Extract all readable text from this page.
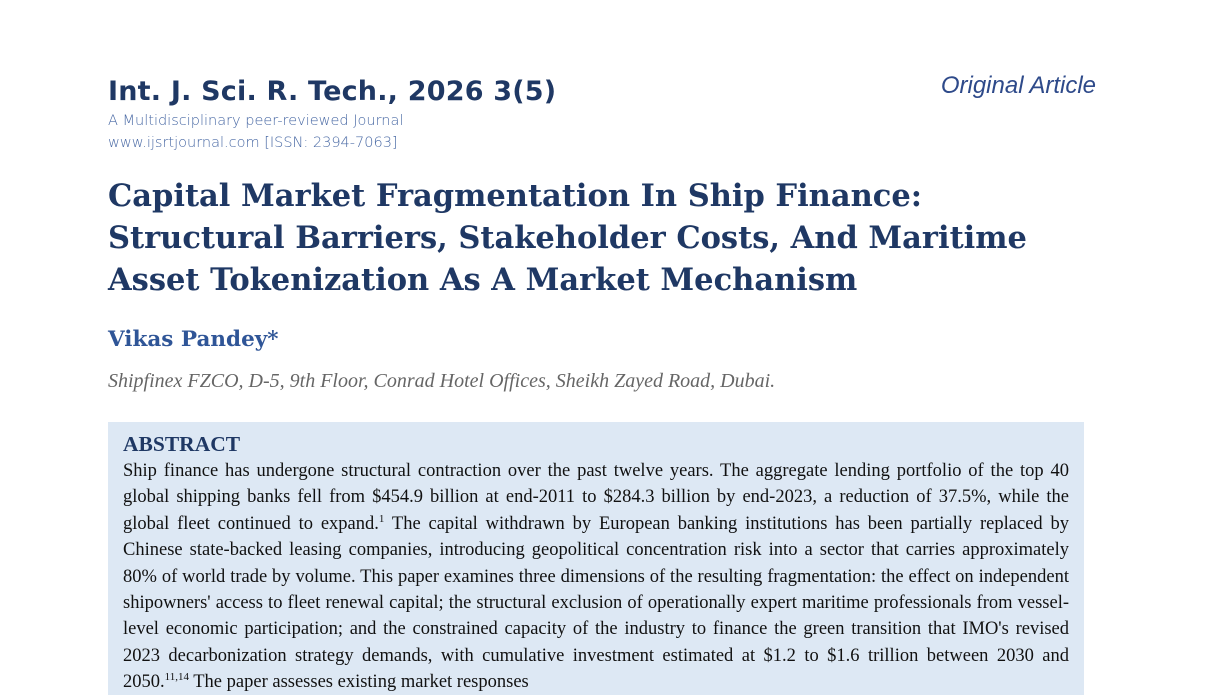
Int. J. Sci. R. Tech., 2026 3(5)
A Multidisciplinary peer-reviewed Journal
www.ijsrtjournal.com [ISSN: 2394-7063]
Original Article
Capital Market Fragmentation In Ship Finance: Structural Barriers, Stakeholder Costs, And Maritime Asset Tokenization As A Market Mechanism
Vikas Pandey*
Shipfinex FZCO, D-5, 9th Floor, Conrad Hotel Offices, Sheikh Zayed Road, Dubai.
ABSTRACT

Ship finance has undergone structural contraction over the past twelve years. The aggregate lending portfolio of the top 40 global shipping banks fell from $454.9 billion at end-2011 to $284.3 billion by end-2023, a reduction of 37.5%, while the global fleet continued to expand.$^1$ The capital withdrawn by European banking institutions has been partially replaced by Chinese state-backed leasing companies, introducing geopolitical concentration risk into a sector that carries approximately 80% of world trade by volume. This paper examines three dimensions of the resulting fragmentation: the effect on independent shipowners' access to fleet renewal capital; the structural exclusion of operationally expert maritime professionals from vessel-level economic participation; and the constrained capacity of the industry to finance the green transition that IMO's revised 2023 decarbonization strategy demands, with cumulative investment estimated at $1.2 to $1.6 trillion between 2030 and 2050.$^{11,14}$ The paper assesses existing market responses
